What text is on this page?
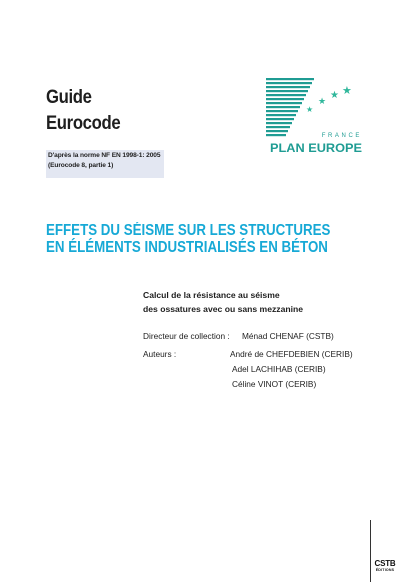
Guide
Eurocode
D'après la norme NF EN 1998-1: 2005
(Eurocode 8, partie 1)
★
★
★ ★
FRANCE
PLAN EUROPE
EFFETS DU SÉISME SUR LES STRUCTURES
EN ÉLÉMENTS INDUSTRIALISÉS EN BÉTON
Calcul de la résistance au séisme
des ossatures avec ou sans mezzanine
Directeur de collection : Ménad CHENAF (CSTB)
Auteurs :	André de CHEFDEBIEN (CERIB)
Adel LACHIHAB (CERIB)
Céline VINOT (CERIB)
CSTB
ÉDITIONS
